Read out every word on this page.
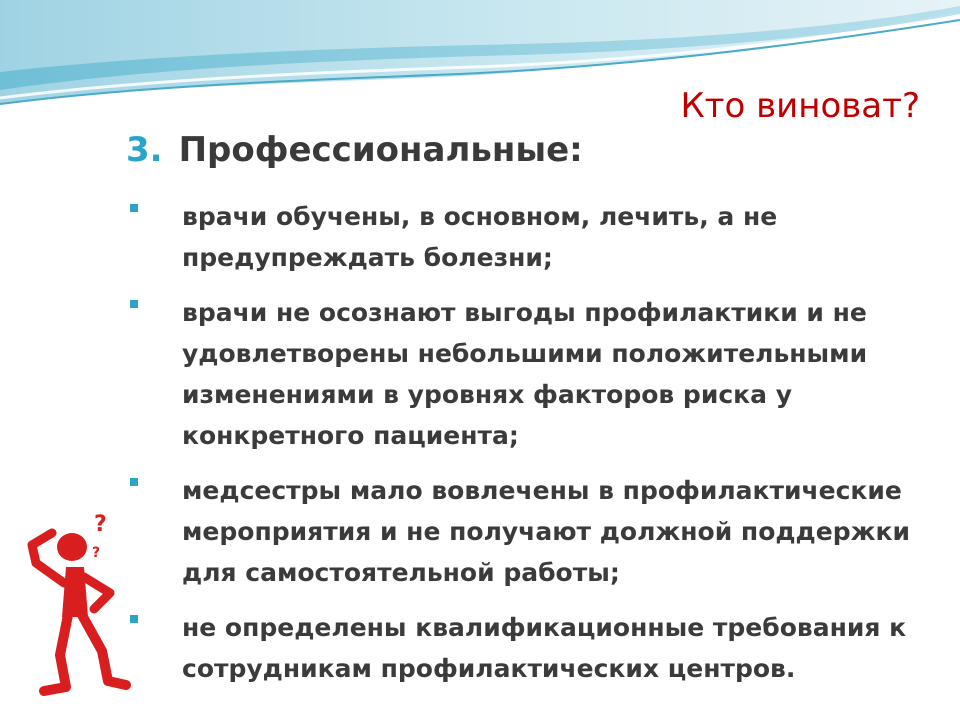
Кто виноват?
3. Профессиональные:
врачи обучены, в основном, лечить, а не предупреждать болезни;
врачи не осознают выгоды профилактики и не удовлетворены небольшими положительными изменениями в уровнях факторов риска у конкретного пациента;
медсестры мало вовлечены в профилактические мероприятия и не получают должной поддержки для самостоятельной работы;
не определены квалификационные требования к сотрудникам профилактических центров.
?
?
